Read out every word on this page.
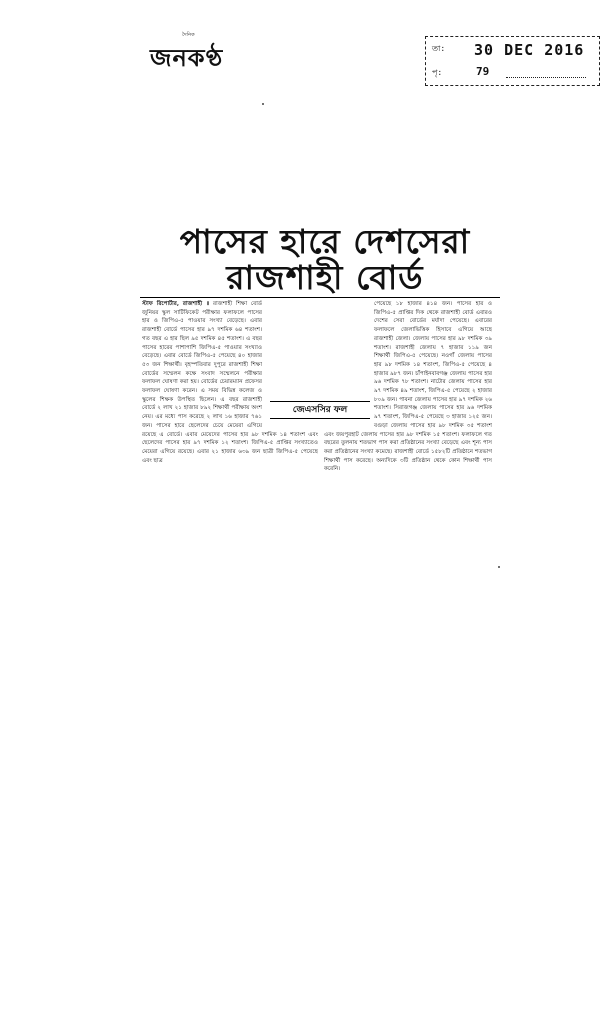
দৈনিক
জনকণ্ঠ	তা: 30 DEC 2016
পৃ:	79
পাসের হারে দেশসেরা
রাজশাহী বোর্ড

স্টাফ রিপোর্টার, রাজশাহী ॥ রাজশাহী শিক্ষা বোর্ড জুনিয়র স্কুল সার্টিফিকেট পরীক্ষার ফলাফলে পাসের হার ও জিপিএ-৫ পাওয়ার সংখ্যা বেড়েছে। এবার রাজশাহী বোর্ডে পাসের হার ৯৭ দশমিক ৬৪ শতাংশ। গত বছর এ হার ছিল ৯৫ দশমিক ৪৫ শতাংশ। এ বছর পাসের হারের পাশাপাশি জিপিএ-৫ পাওয়ার সংখ্যাও বেড়েছে। এবার বোর্ডে জিপিএ-৫ পেয়েছে ৪০ হাজার ৫৩ জন শিক্ষার্থী। বৃহস্পতিবার দুপুরে রাজশাহী শিক্ষা বোর্ডের সম্মেলন কক্ষে সংবাদ সম্মেলনে পরীক্ষার ফলাফল ঘোষণা করা হয়। বোর্ডের চেয়ারম্যান প্রফেসর ফলাফল ঘোষণা করেন। এ সময় বিভিন্ন কলেজ ও স্কুলের শিক্ষক উপস্থিত ছিলেন। এ বছর রাজশাহী বোর্ডে ২ লাখ ২১ হাজার ৮৯২ শিক্ষার্থী পরীক্ষায় অংশ নেয়। এর মধ্যে পাস করেছে ২ লাখ ১৬ হাজার ৭৬১ জন। পাসের হারে ছেলেদের চেয়ে মেয়েরা এগিয়ে রয়েছে এ বোর্ডে। এবার মেয়েদের পাসের হার ৯৮ দশমিক ১৪ শতাংশ এবং ছেলেদের পাসের হার ৯৭ দশমিক ১২ শতাংশ। জিপিএ-৫ প্রাপ্তির সংখ্যাতেও মেয়েরা এগিয়ে রয়েছে। এবার ২১ হাজার ৬৩৯ জন ছাত্রী জিপিএ-৫ পেয়েছে এবং ছাত্র

পেয়েছে ১৮ হাজার ৪১৪ জন। পাসের হার ও জিপিএ-৫ প্রাপ্তির দিক থেকে রাজশাহী বোর্ড এবারও দেশের সেরা বোর্ডের মর্যাদা পেয়েছে। এবারের ফলাফলে জেলাভিত্তিক হিসাবে এগিয়ে আছে রাজশাহী জেলা। জেলায় পাসের হার ৯৮ দশমিক ৩৯ শতাংশ। রাজশাহী জেলায় ৭ হাজার ১১৯ জন শিক্ষার্থী জিপিএ-৫ পেয়েছে। নওগাঁ জেলায় পাসের হার ৯৮ দশমিক ১৪ শতাংশ, জিপিএ-৫ পেয়েছে ৪ হাজার ৯৮৭ জন। চাঁপাইনবাবগঞ্জ জেলায় পাসের হার ৯৬ দশমিক ৭৮ শতাংশ। নাটোর জেলায় পাসের হার ৯৭ দশমিক ৪৯ শতাংশ, জিপিএ-৫ পেয়েছে ২ হাজার ৮০৯ জন। পাবনা জেলায় পাসের হার ৯৭ দশমিক ২৬ শতাংশ। সিরাজগঞ্জ জেলায় পাসের হার ৯৬ দশমিক ৯৭ শতাংশ, জিপিএ-৫ পেয়েছে ৩ হাজার ১২৫ জন। বগুড়া জেলায় পাসের হার ৯৮ দশমিক ৩৫ শতাংশ এবং জয়পুরহাট জেলায় পাসের হার ৯৮ দশমিক ১৫ শতাংশ। ফলাফলে গত বছরের তুলনায় শতভাগ পাস করা প্রতিষ্ঠানের সংখ্যা বেড়েছে এবং শূন্য পাস করা প্রতিষ্ঠানের সংখ্যা কমেছে। রাজশাহী বোর্ডে ১৫৮২টি প্রতিষ্ঠানে শতভাগ শিক্ষার্থী পাস করেছে। অন্যদিকে ৩টি প্রতিষ্ঠান থেকে কোন শিক্ষার্থী পাস করেনি।

জেএসসির ফল
